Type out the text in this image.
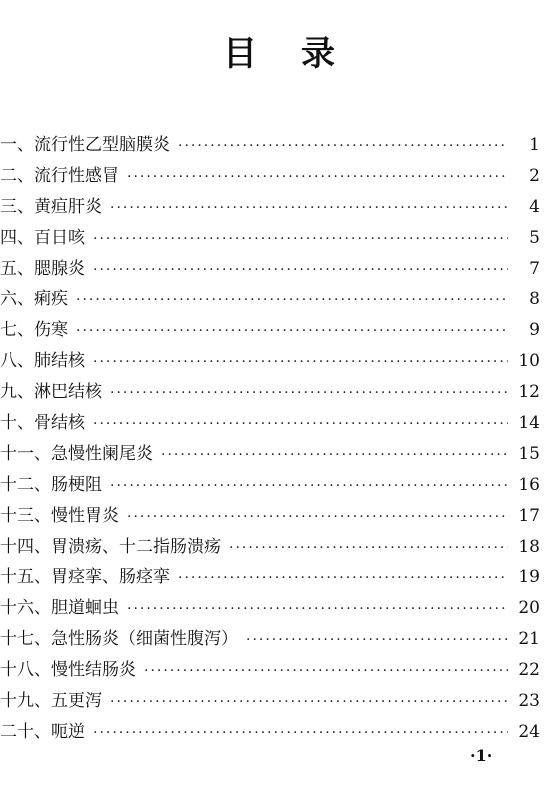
目 录
一、流行性乙型脑膜炎 ·····	1
二、流行性感冒 ·····	2
三、黄疸肝炎 ·····	4
四、百日咳 ·····	5
五、腮腺炎 ·····	7
六、痢疾 ·····	8
七、伤寒 ·····	9
八、肺结核 ·····	10
九、淋巴结核 ·····	12
十、骨结核 ·····	14
十一、急慢性阑尾炎 ·····	15
十二、肠梗阻 ·····	16
十三、慢性胃炎 ·····	17
十四、胃溃疡、十二指肠溃疡 ·····	18
十五、胃痉挛、肠痉挛 ·····	19
十六、胆道蛔虫 ·····	20
十七、急性肠炎（细菌性腹泻） ·····	21
十八、慢性结肠炎 ·····	22
十九、五更泻 ·····	23
二十、呃逆 ·····	24
·1·
